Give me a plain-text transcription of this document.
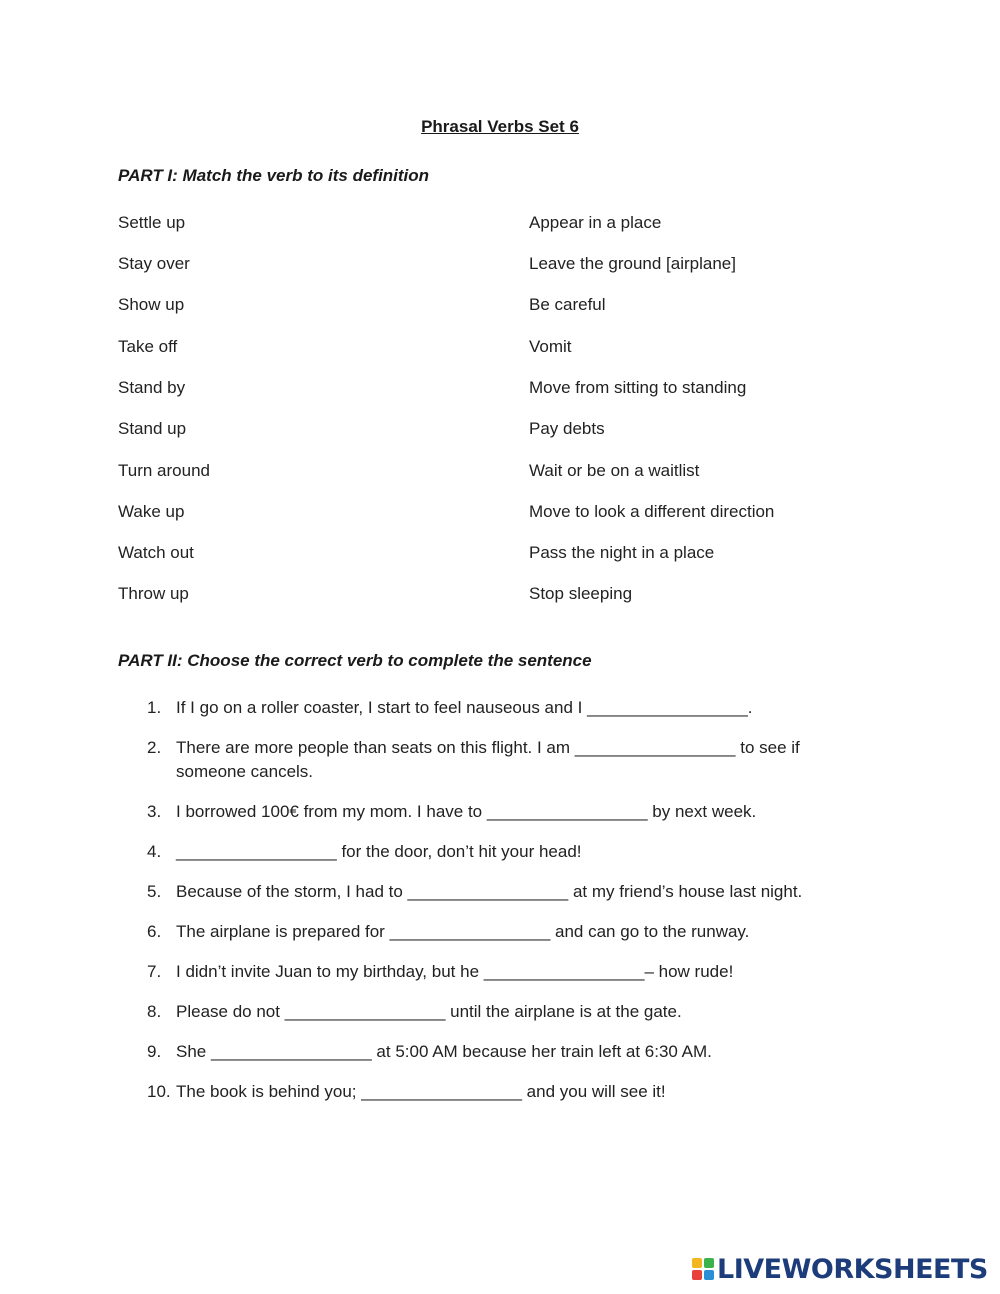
Phrasal Verbs Set 6
PART I: Match the verb to its definition
Settle up	Appear in a place
Stay over	Leave the ground [airplane]
Show up	Be careful
Take off	Vomit
Stand by	Move from sitting to standing
Stand up	Pay debts
Turn around	Wait or be on a waitlist
Wake up	Move to look a different direction
Watch out	Pass the night in a place
Throw up	Stop sleeping
PART II: Choose the correct verb to complete the sentence
1. If I go on a roller coaster, I start to feel nauseous and I _________________.
2. There are more people than seats on this flight. I am _________________ to see if someone cancels.
3. I borrowed 100€ from my mom. I have to _________________ by next week.
4. _________________ for the door, don’t hit your head!
5. Because of the storm, I had to _________________ at my friend’s house last night.
6. The airplane is prepared for _________________ and can go to the runway.
7. I didn’t invite Juan to my birthday, but he _________________– how rude!
8. Please do not _________________ until the airplane is at the gate.
9. She _________________ at 5:00 AM because her train left at 6:30 AM.
10. The book is behind you; _________________ and you will see it!
LIVEWORKSHEETS
